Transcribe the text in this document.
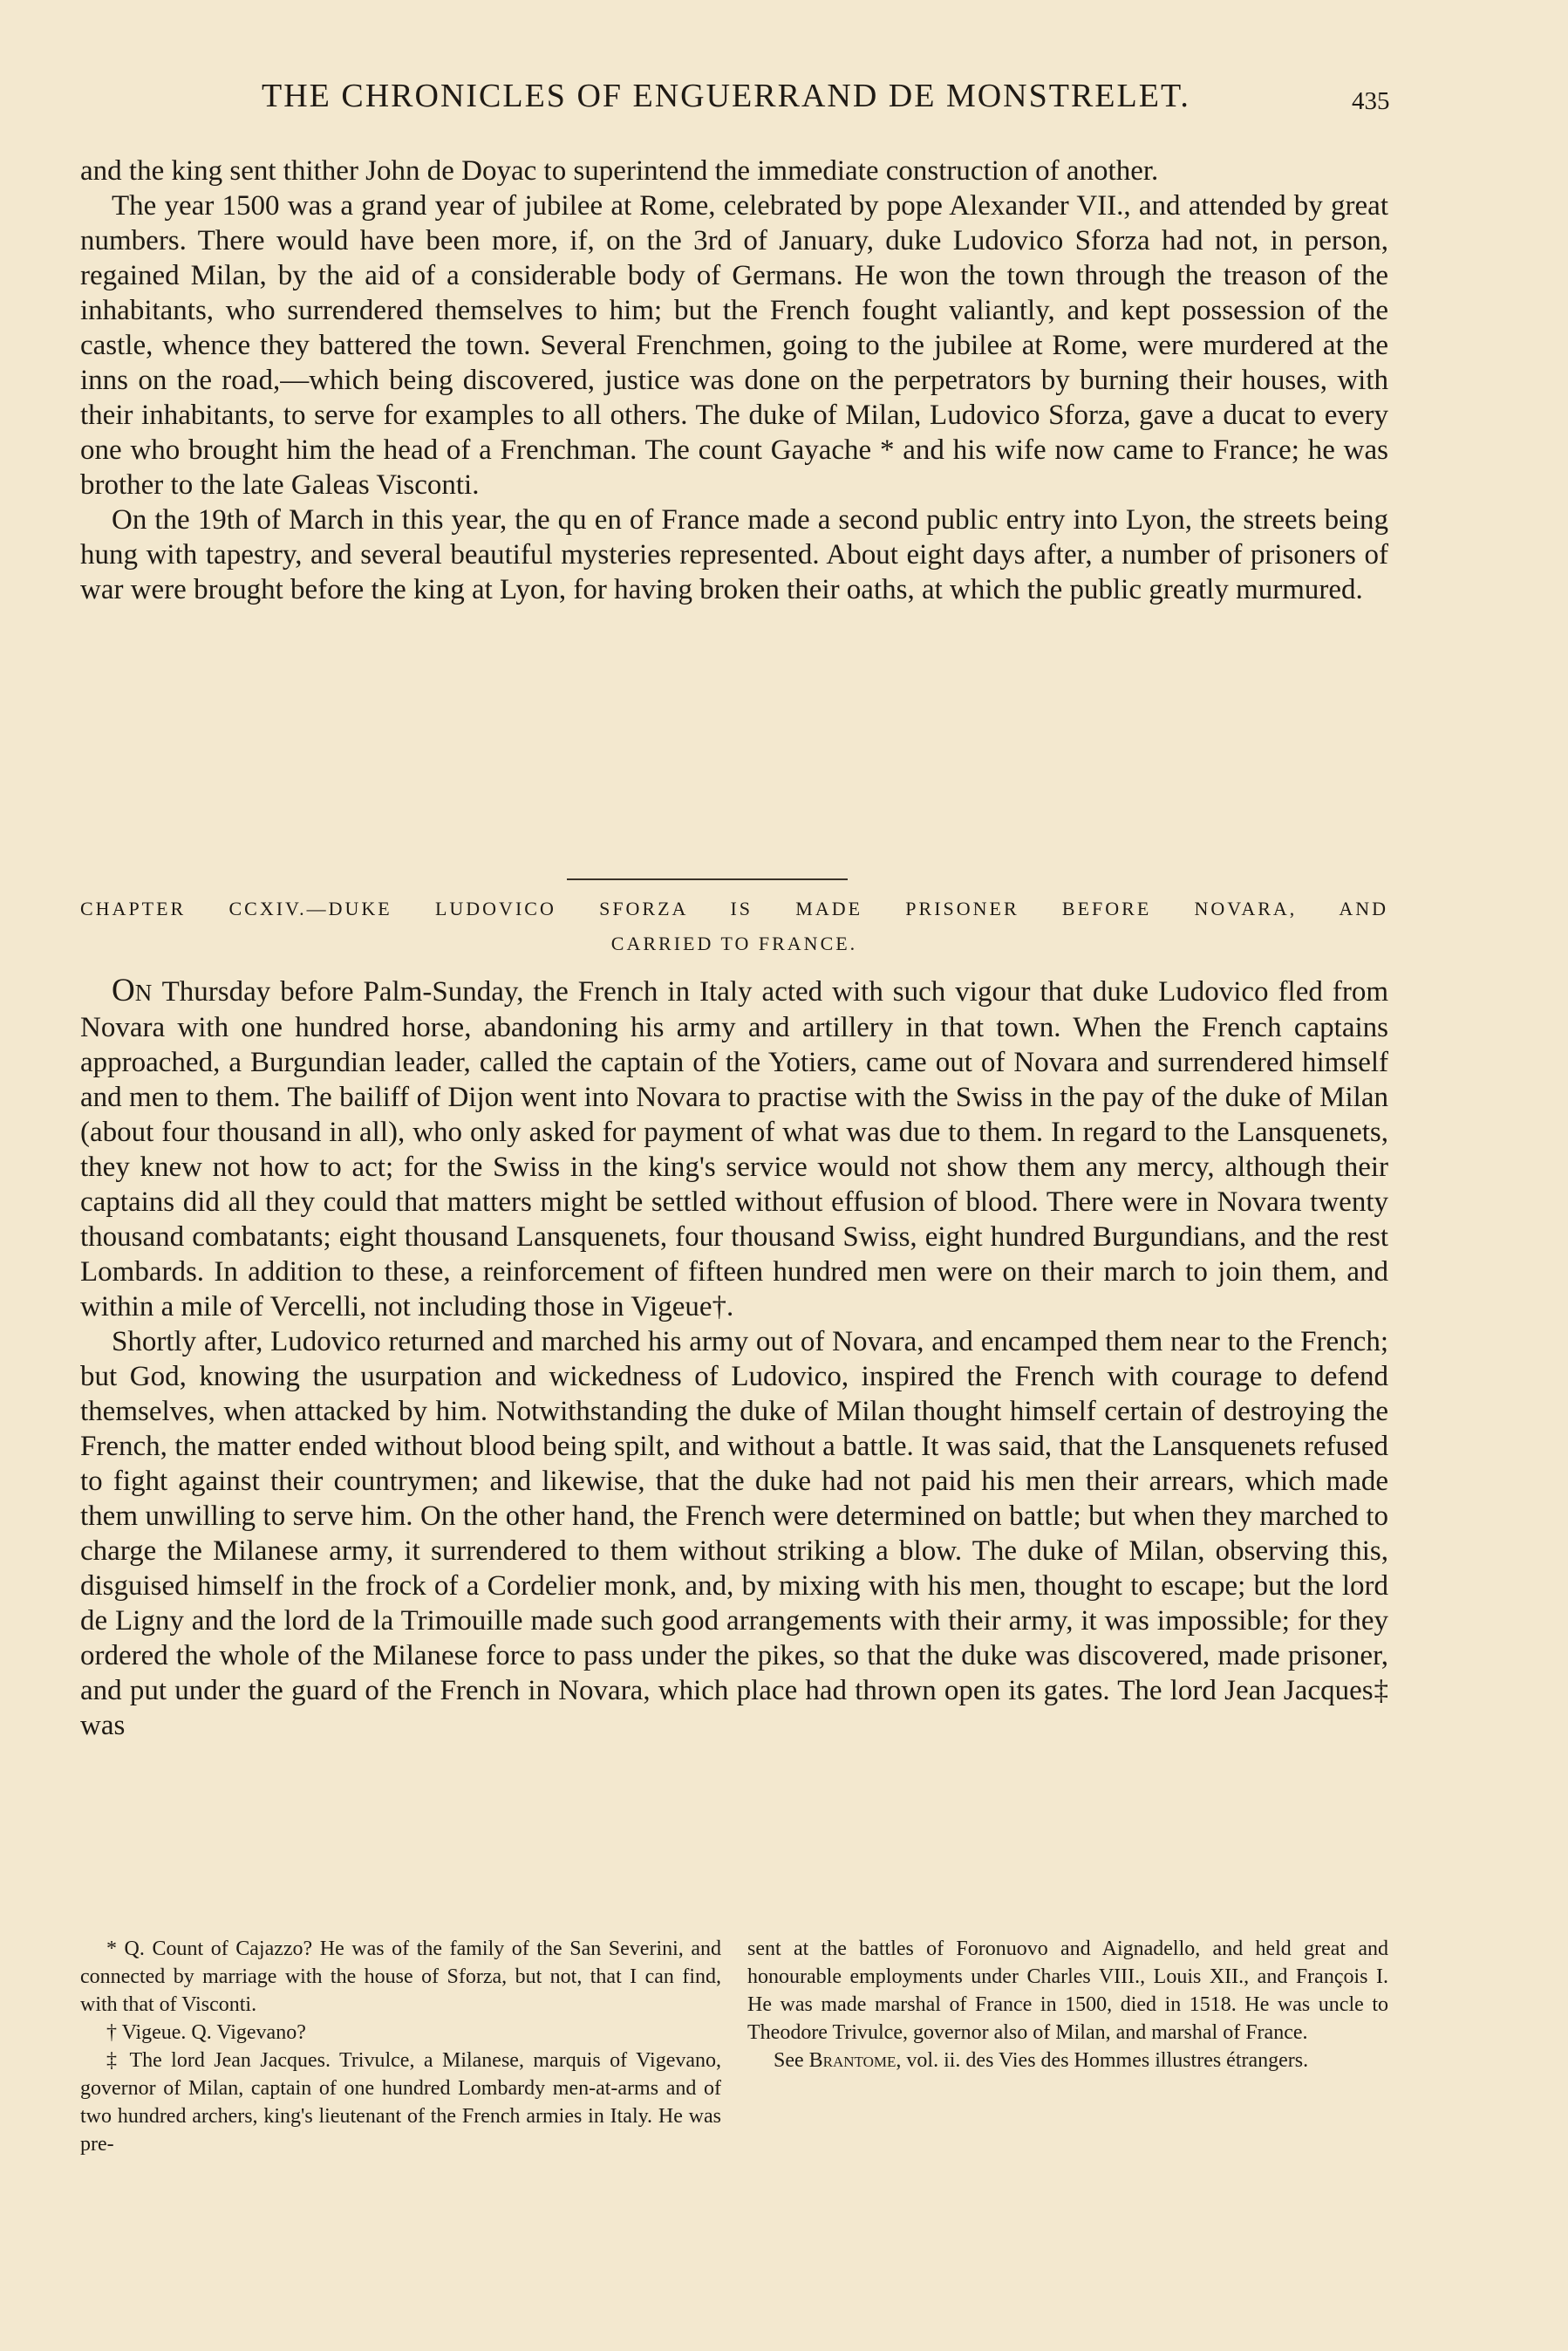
THE CHRONICLES OF ENGUERRAND DE MONSTRELET.	435

and the king sent thither John de Doyac to superintend the immediate construction of another.

The year 1500 was a grand year of jubilee at Rome, celebrated by pope Alexander VII., and attended by great numbers. There would have been more, if, on the 3rd of January, duke Ludovico Sforza had not, in person, regained Milan, by the aid of a considerable body of Germans. He won the town through the treason of the inhabitants, who surrendered themselves to him; but the French fought valiantly, and kept possession of the castle, whence they battered the town. Several Frenchmen, going to the jubilee at Rome, were murdered at the inns on the road,—which being discovered, justice was done on the perpetrators by burning their houses, with their inhabitants, to serve for examples to all others. The duke of Milan, Ludovico Sforza, gave a ducat to every one who brought him the head of a Frenchman. The count Gayache * and his wife now came to France; he was brother to the late Galeas Visconti.

On the 19th of March in this year, the qu en of France made a second public entry into Lyon, the streets being hung with tapestry, and several beautiful mysteries represented. About eight days after, a number of prisoners of war were brought before the king at Lyon, for having broken their oaths, at which the public greatly murmured.

CHAPTER CCXIV.—DUKE LUDOVICO SFORZA IS MADE PRISONER BEFORE NOVARA, AND
CARRIED TO FRANCE.

ON Thursday before Palm-Sunday, the French in Italy acted with such vigour that duke Ludovico fled from Novara with one hundred horse, abandoning his army and artillery in that town. When the French captains approached, a Burgundian leader, called the captain of the Yotiers, came out of Novara and surrendered himself and men to them. The bailiff of Dijon went into Novara to practise with the Swiss in the pay of the duke of Milan (about four thousand in all), who only asked for payment of what was due to them. In regard to the Lansquenets, they knew not how to act; for the Swiss in the king's service would not show them any mercy, although their captains did all they could that matters might be settled without effusion of blood. There were in Novara twenty thousand combatants; eight thousand Lansquenets, four thousand Swiss, eight hundred Burgundians, and the rest Lombards. In addition to these, a reinforcement of fifteen hundred men were on their march to join them, and within a mile of Vercelli, not including those in Vigeue†.

Shortly after, Ludovico returned and marched his army out of Novara, and encamped them near to the French; but God, knowing the usurpation and wickedness of Ludovico, inspired the French with courage to defend themselves, when attacked by him. Notwithstanding the duke of Milan thought himself certain of destroying the French, the matter ended without blood being spilt, and without a battle. It was said, that the Lansquenets refused to fight against their countrymen; and likewise, that the duke had not paid his men their arrears, which made them unwilling to serve him. On the other hand, the French were determined on battle; but when they marched to charge the Milanese army, it surrendered to them without striking a blow. The duke of Milan, observing this, disguised himself in the frock of a Cordelier monk, and, by mixing with his men, thought to escape; but the lord de Ligny and the lord de la Trimouille made such good arrangements with their army, it was impossible; for they ordered the whole of the Milanese force to pass under the pikes, so that the duke was discovered, made prisoner, and put under the guard of the French in Novara, which place had thrown open its gates. The lord Jean Jacques‡ was

* Q. Count of Cajazzo? He was of the family of the San Severini, and connected by marriage with the house of Sforza, but not, that I can find, with that of Visconti.

† Vigeue. Q. Vigevano?

‡ The lord Jean Jacques. Trivulce, a Milanese, marquis of Vigevano, governor of Milan, captain of one hundred Lombardy men-at-arms and of two hundred archers, king's lieutenant of the French armies in Italy. He was pre-

sent at the battles of Foronuovo and Aignadello, and held great and honourable employments under Charles VIII., Louis XII., and François I. He was made marshal of France in 1500, died in 1518. He was uncle to Theodore Trivulce, governor also of Milan, and marshal of France.

See Brantome, vol. ii. des Vies des Hommes illustres étrangers.
